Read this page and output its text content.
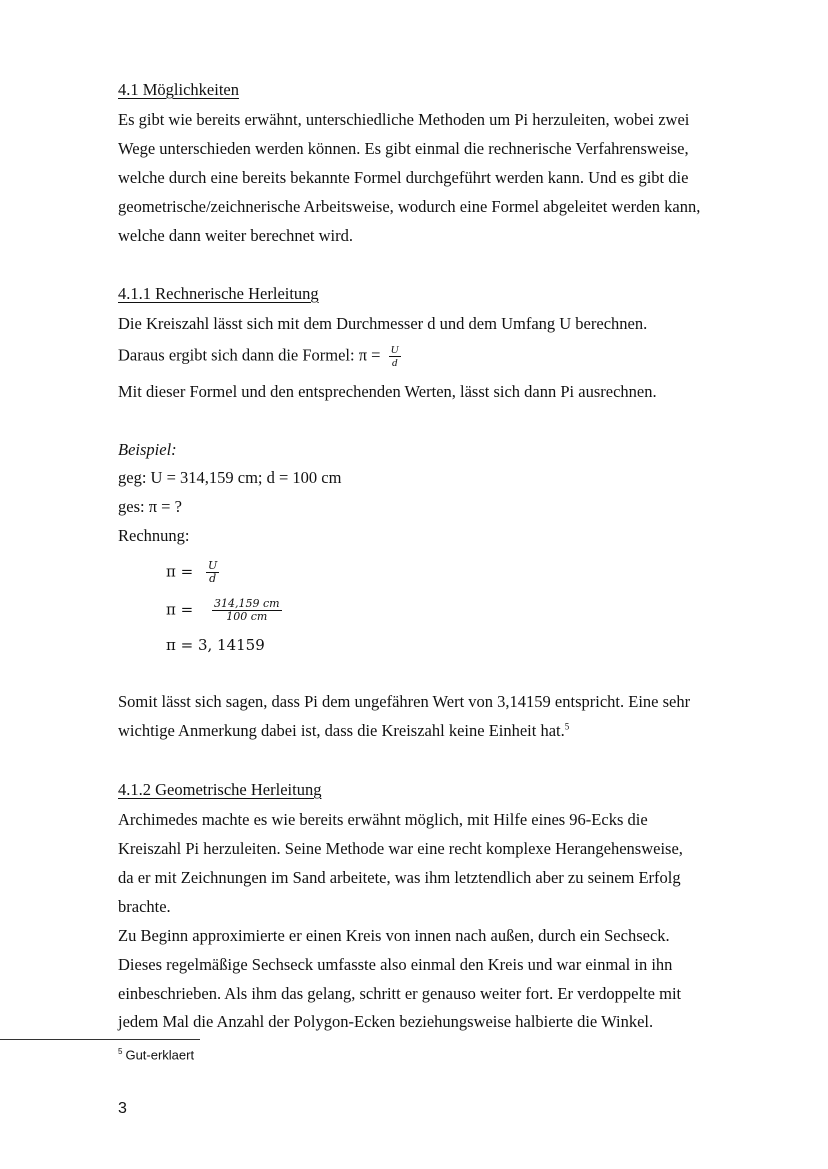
4.1 Möglichkeiten
Es gibt wie bereits erwähnt, unterschiedliche Methoden um Pi herzuleiten, wobei zwei
Wege unterschieden werden können. Es gibt einmal die rechnerische Verfahrensweise,
welche durch eine bereits bekannte Formel durchgeführt werden kann. Und es gibt die
geometrische/zeichnerische Arbeitsweise, wodurch eine Formel abgeleitet werden kann,
welche dann weiter berechnet wird.
4.1.1 Rechnerische Herleitung
Die Kreiszahl lässt sich mit dem Durchmesser d und dem Umfang U berechnen.
Daraus ergibt sich dann die Formel: $\pi = \frac{U}{d}$
Mit dieser Formel und den entsprechenden Werten, lässt sich dann Pi ausrechnen.
Beispiel:
geg: U = 314,159 cm; d = 100 cm
ges: π = ?
Rechnung:
$\pi = \frac{U}{d}$
$\pi = \frac{314,159 cm}{100 cm}$
π = 3, 14159
Somit lässt sich sagen, dass Pi dem ungefähren Wert von 3,14159 entspricht. Eine sehr
wichtige Anmerkung dabei ist, dass die Kreiszahl keine Einheit hat.$^5$
4.1.2 Geometrische Herleitung
Archimedes machte es wie bereits erwähnt möglich, mit Hilfe eines 96-Ecks die
Kreiszahl Pi herzuleiten. Seine Methode war eine recht komplexe Herangehensweise,
da er mit Zeichnungen im Sand arbeitete, was ihm letztendlich aber zu seinem Erfolg
brachte.
Zu Beginn approximierte er einen Kreis von innen nach außen, durch ein Sechseck.
Dieses regelmäßige Sechseck umfasste also einmal den Kreis und war einmal in ihn
einbeschrieben. Als ihm das gelang, schritt er genauso weiter fort. Er verdoppelte mit
jedem Mal die Anzahl der Polygon-Ecken beziehungsweise halbierte die Winkel.
$^5$ Gut-erklaert
3
